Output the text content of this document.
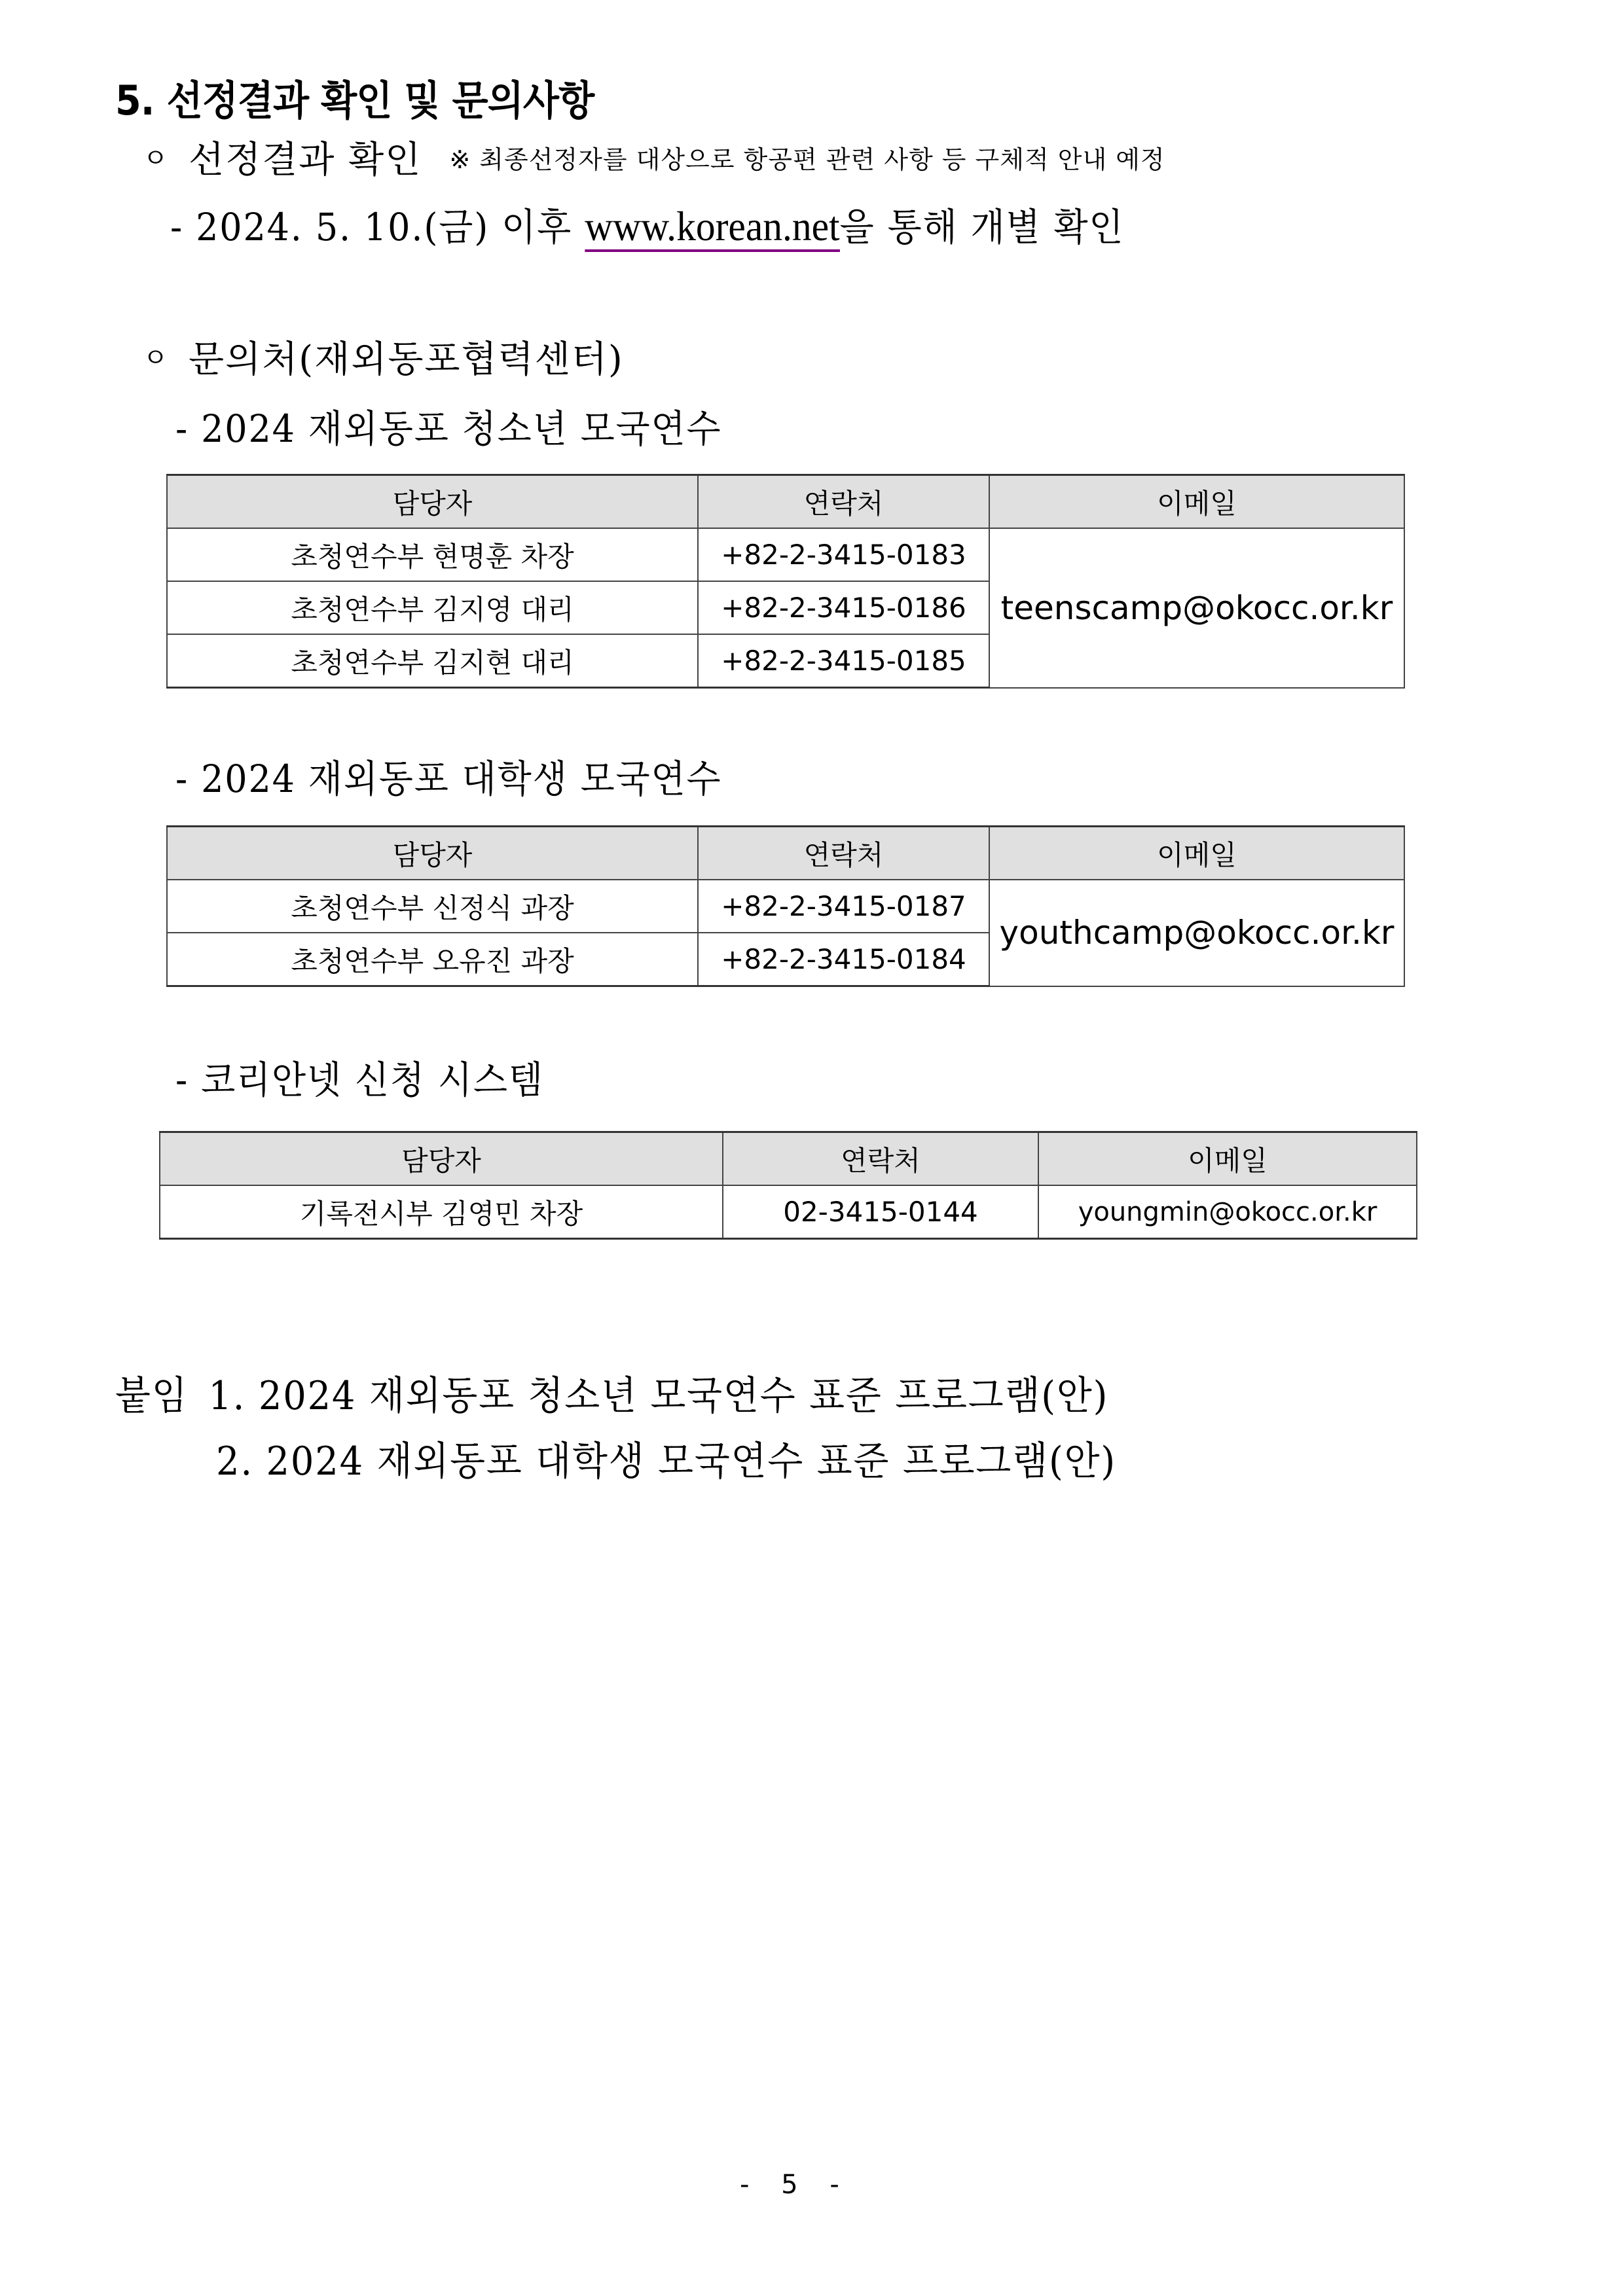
5. 선정결과 확인 및 문의사항
ㅇ 선정결과 확인 ※ 최종선정자를 대상으로 항공편 관련 사항 등 구체적 안내 예정
- 2024. 5. 10.(금) 이후 www.korean.net을 통해 개별 확인
ㅇ 문의처(재외동포협력센터)
- 2024 재외동포 청소년 모국연수
담당자	연락처	이메일
초청연수부 현명훈 차장	+82-2-3415-0183	teenscamp@okocc.or.kr
초청연수부 김지영 대리	+82-2-3415-0186	
초청연수부 김지현 대리	+82-2-3415-0185	
- 2024 재외동포 대학생 모국연수
담당자	연락처	이메일
초청연수부 신정식 과장	+82-2-3415-0187	youthcamp@okocc.or.kr
초청연수부 오유진 과장	+82-2-3415-0184	
- 코리안넷 신청 시스템
담당자	연락처	이메일
기록전시부 김영민 차장	02-3415-0144	youngmin@okocc.or.kr
붙임 1. 2024 재외동포 청소년 모국연수 표준 프로그램(안)
2. 2024 재외동포 대학생 모국연수 표준 프로그램(안)
- 5 -
